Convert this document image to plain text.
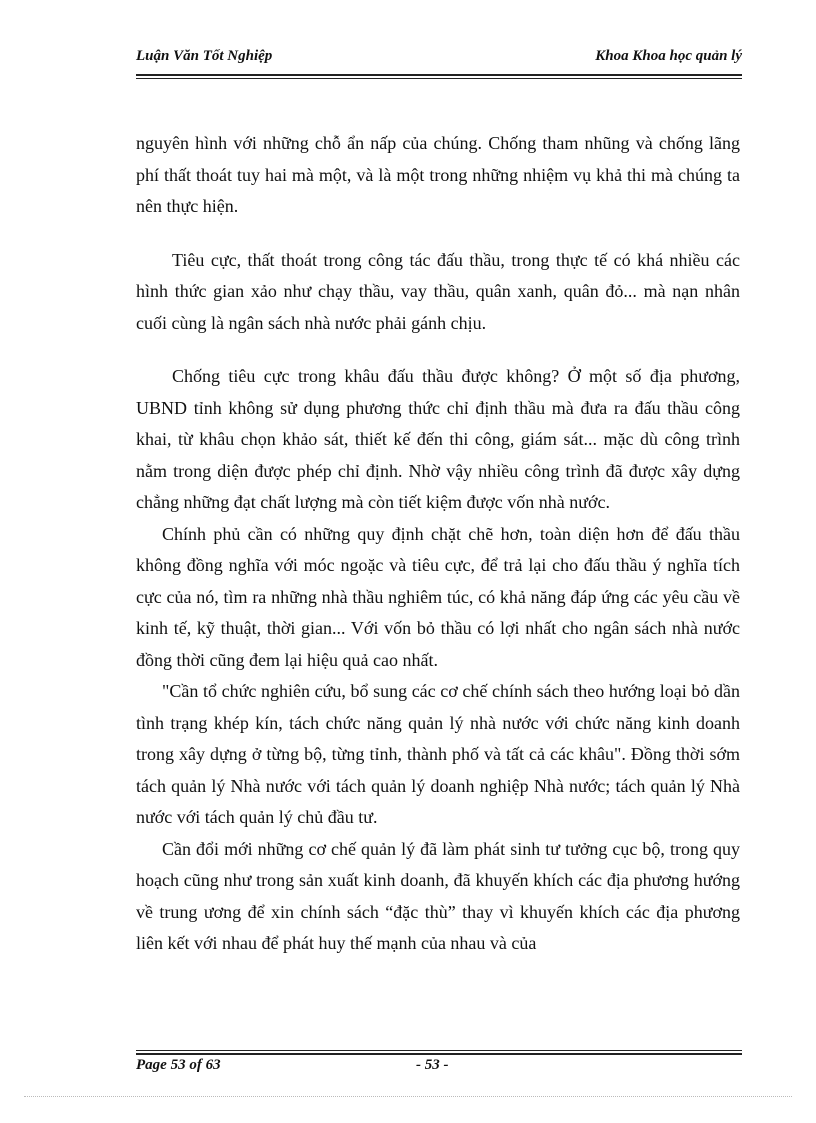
Luận Văn Tốt Nghiệp	Khoa Khoa học quản lý

nguyên hình với những chỗ ẩn nấp của chúng. Chống tham nhũng và chống lãng phí thất thoát tuy hai mà một, và là một trong những nhiệm vụ khả thi mà chúng ta nên thực hiện.

Tiêu cực, thất thoát trong công tác đấu thầu, trong thực tế có khá nhiều các hình thức gian xảo như chạy thầu, vay thầu, quân xanh, quân đỏ... mà nạn nhân cuối cùng là ngân sách nhà nước phải gánh chịu.

Chống tiêu cực trong khâu đấu thầu được không? Ở một số địa phương, UBND tỉnh không sử dụng phương thức chỉ định thầu mà đưa ra đấu thầu công khai, từ khâu chọn khảo sát, thiết kế đến thi công, giám sát... mặc dù công trình nằm trong diện được phép chỉ định. Nhờ vậy nhiều công trình đã được xây dựng chẳng những đạt chất lượng mà còn tiết kiệm được vốn nhà nước.

Chính phủ cần có những quy định chặt chẽ hơn, toàn diện hơn để đấu thầu không đồng nghĩa với móc ngoặc và tiêu cực, để trả lại cho đấu thầu ý nghĩa tích cực của nó, tìm ra những nhà thầu nghiêm túc, có khả năng đáp ứng các yêu cầu về kinh tế, kỹ thuật, thời gian... Với vốn bỏ thầu có lợi nhất cho ngân sách nhà nước đồng thời cũng đem lại hiệu quả cao nhất.

"Cần tổ chức nghiên cứu, bổ sung các cơ chế chính sách theo hướng loại bỏ dần tình trạng khép kín, tách chức năng quản lý nhà nước với chức năng kinh doanh trong xây dựng ở từng bộ, từng tỉnh, thành phố và tất cả các khâu". Đồng thời sớm tách quản lý Nhà nước với tách quản lý doanh nghiệp Nhà nước; tách quản lý Nhà nước với tách quản lý chủ đầu tư.

Cần đổi mới những cơ chế quản lý đã làm phát sinh tư tưởng cục bộ, trong quy hoạch cũng như trong sản xuất kinh doanh, đã khuyến khích các địa phương hướng về trung ương để xin chính sách “đặc thù” thay vì khuyến khích các địa phương liên kết với nhau để phát huy thế mạnh của nhau và của

Page 53 of 63	- 53 -
